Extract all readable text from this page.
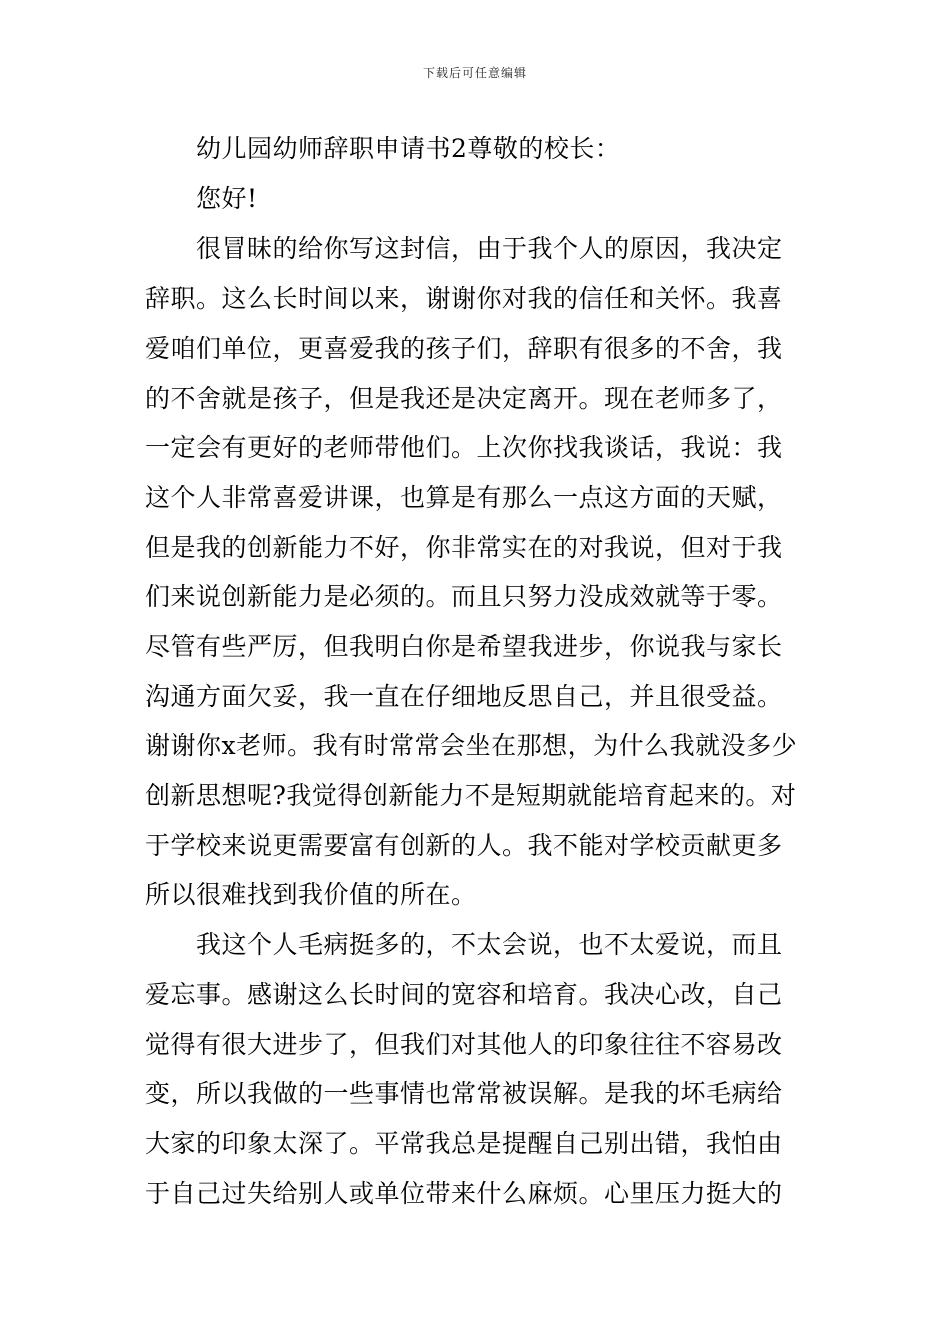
下载后可任意编辑
幼儿园幼师辞职申请书2尊敬的校长：
您好!
很冒昧的给你写这封信，由于我个人的原因，我决定
辞职。这么长时间以来，谢谢你对我的信任和关怀。我喜
爱咱们单位，更喜爱我的孩子们，辞职有很多的不舍，我
的不舍就是孩子，但是我还是决定离开。现在老师多了，
一定会有更好的老师带他们。上次你找我谈话，我说：我
这个人非常喜爱讲课，也算是有那么一点这方面的天赋，
但是我的创新能力不好，你非常实在的对我说，但对于我
们来说创新能力是必须的。而且只努力没成效就等于零。
尽管有些严厉，但我明白你是希望我进步，你说我与家长
沟通方面欠妥，我一直在仔细地反思自己，并且很受益。
谢谢你x老师。我有时常常会坐在那想，为什么我就没多少
创新思想呢?我觉得创新能力不是短期就能培育起来的。对
于学校来说更需要富有创新的人。我不能对学校贡献更多
所以很难找到我价值的所在。
我这个人毛病挺多的，不太会说，也不太爱说，而且
爱忘事。感谢这么长时间的宽容和培育。我决心改，自己
觉得有很大进步了，但我们对其他人的印象往往不容易改
变，所以我做的一些事情也常常被误解。是我的坏毛病给
大家的印象太深了。平常我总是提醒自己别出错，我怕由
于自己过失给别人或单位带来什么麻烦。心里压力挺大的
